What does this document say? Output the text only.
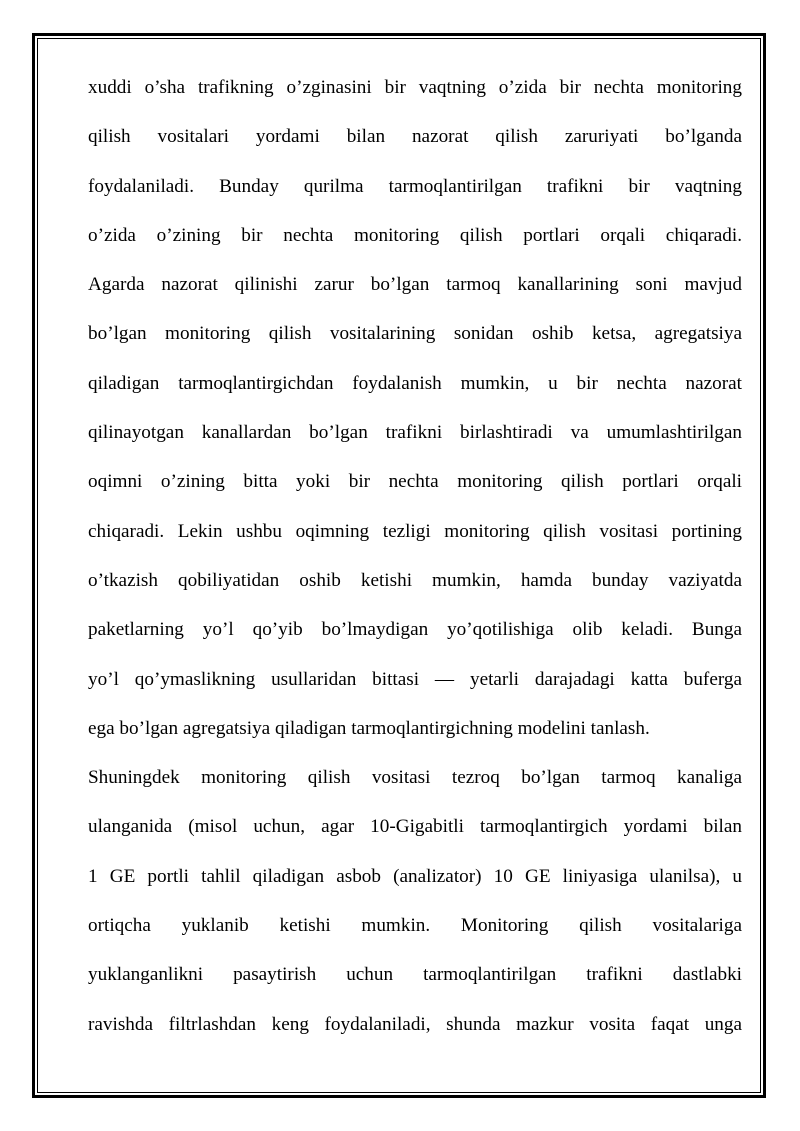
xuddi o’sha trafikning o’zginasini bir vaqtning o’zida bir nechta monitoring
qilish vositalari yordami bilan nazorat qilish zaruriyati bo’lganda
foydalaniladi. Bunday qurilma tarmoqlantirilgan trafikni bir vaqtning
o’zida o’zining bir nechta monitoring qilish portlari orqali chiqaradi.
Agarda nazorat qilinishi zarur bo’lgan tarmoq kanallarining soni mavjud
bo’lgan monitoring qilish vositalarining sonidan oshib ketsa, agregatsiya
qiladigan tarmoqlantirgichdan foydalanish mumkin, u bir nechta nazorat
qilinayotgan kanallardan bo’lgan trafikni birlashtiradi va umumlashtirilgan
oqimni o’zining bitta yoki bir nechta monitoring qilish portlari orqali
chiqaradi. Lekin ushbu oqimning tezligi monitoring qilish vositasi portining
o’tkazish qobiliyatidan oshib ketishi mumkin, hamda bunday vaziyatda
paketlarning yo’l qo’yib bo’lmaydigan yo’qotilishiga olib keladi. Bunga
yo’l qo’ymaslikning usullaridan bittasi — yetarli darajadagi katta buferga
ega bo’lgan agregatsiya qiladigan tarmoqlantirgichning modelini tanlash.
Shuningdek monitoring qilish vositasi tezroq bo’lgan tarmoq kanaliga
ulanganida (misol uchun, agar 10-Gigabitli tarmoqlantirgich yordami bilan
1 GE portli tahlil qiladigan asbob (analizator) 10 GE liniyasiga ulanilsa), u
ortiqcha yuklanib ketishi mumkin. Monitoring qilish vositalariga
yuklanganlikni pasaytirish uchun tarmoqlantirilgan trafikni dastlabki
ravishda filtrlashdan keng foydalaniladi, shunda mazkur vosita faqat unga
